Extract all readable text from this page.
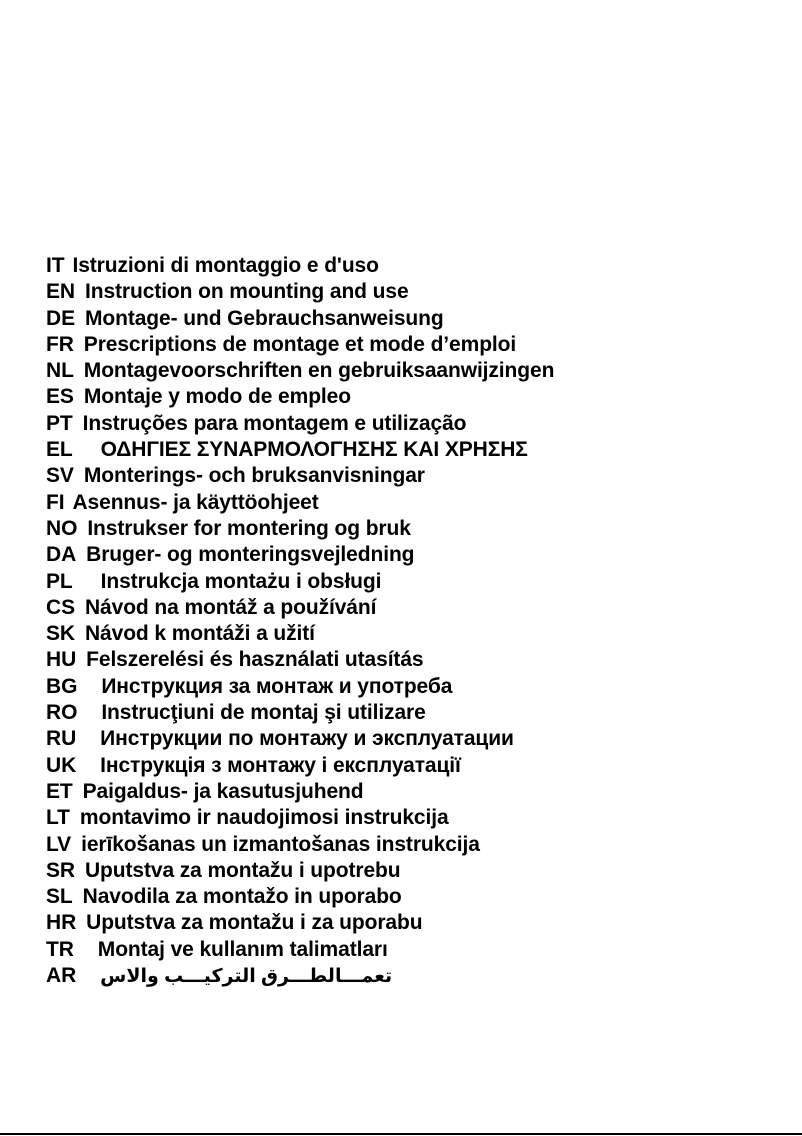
IT Istruzioni di montaggio e d'uso
EN Instruction on mounting and use
DE Montage- und Gebrauchsanweisung
FR Prescriptions de montage et mode d’emploi
NL Montagevoorschriften en gebruiksaanwijzingen
ES Montaje y modo de empleo
PT Instruções para montagem e utilização
EL ΟΔΗΓΙΕΣ ΣΥΝΑΡΜΟΛΟΓΗΣΗΣ ΚΑΙ ΧΡΗΣΗΣ
SV Monterings- och bruksanvisningar
FI Asennus- ja käyttöohjeet
NO Instrukser for montering og bruk
DA Bruger- og monteringsvejledning
PL Instrukcja montażu i obsługi
CS Návod na montáž a používání
SK Návod k montáži a užití
HU Felszerelési és használati utasítás
BG Инструкция за монтаж и употреба
RO Instrucţiuni de montaj şi utilizare
RU Инструкции по монтажу и эксплуатации
UK Інструкція з монтажу і експлуатації
ET Paigaldus- ja kasutusjuhend
LT montavimo ir naudojimosi instrukcija
LV ierīkošanas un izmantošanas instrukcija
SR Uputstva za montažu i upotrebu
SL Navodila za montažo in uporabo
HR Uputstva za montažu i za uporabu
TR Montaj ve kullanım talimatları
AR تعمـــالطـــرق التركيـــب والاس
